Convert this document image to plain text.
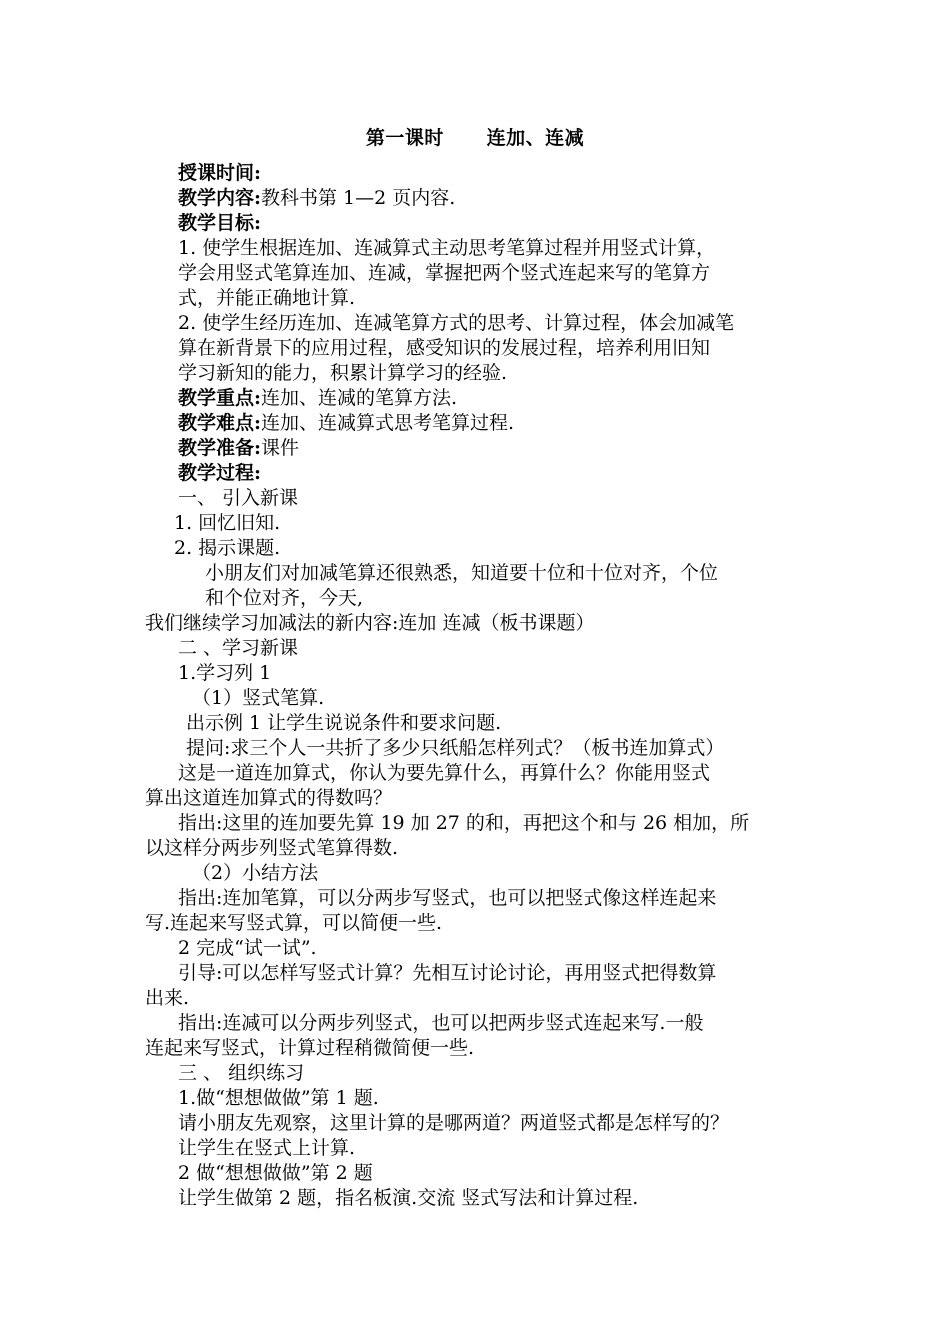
第一课时      连加、连减
授课时间:
教学内容:教科书第 1—2 页内容.
教学目标:
1. 使学生根据连加、连减算式主动思考笔算过程并用竖式计算，
学会用竖式笔算连加、连减，掌握把两个竖式连起来写的笔算方
式，并能正确地计算.
2. 使学生经历连加、连减笔算方式的思考、计算过程，体会加减笔
算在新背景下的应用过程，感受知识的发展过程，培养利用旧知
学习新知的能力，积累计算学习的经验.
教学重点:连加、连减的笔算方法.
教学难点:连加、连减算式思考笔算过程.
教学准备:课件
教学过程:
一、 引入新课
1. 回忆旧知.
2. 揭示课题.
小朋友们对加减笔算还很熟悉，知道要十位和十位对齐，个位
和个位对齐，今天,
我们继续学习加减法的新内容:连加 连减（板书课题）
二 、学习新课
1.学习列 1
（1）竖式笔算.
出示例 1 让学生说说条件和要求问题.
提问:求三个人一共折了多少只纸船怎样列式？（板书连加算式）
这是一道连加算式，你认为要先算什么，再算什么？你能用竖式
算出这道连加算式的得数吗？
指出:这里的连加要先算 19 加 27 的和，再把这个和与 26 相加，所
以这样分两步列竖式笔算得数.
（2）小结方法
指出:连加笔算，可以分两步写竖式，也可以把竖式像这样连起来
写.连起来写竖式算，可以简便一些.
2 完成“试一试”.
引导:可以怎样写竖式计算？先相互讨论讨论，再用竖式把得数算
出来.
指出:连减可以分两步列竖式，也可以把两步竖式连起来写.一般
连起来写竖式，计算过程稍微简便一些.
三 、 组织练习
1.做“想想做做”第 1 题.
请小朋友先观察，这里计算的是哪两道？两道竖式都是怎样写的？
让学生在竖式上计算.
2 做“想想做做”第 2 题
让学生做第 2 题，指名板演.交流 竖式写法和计算过程.
